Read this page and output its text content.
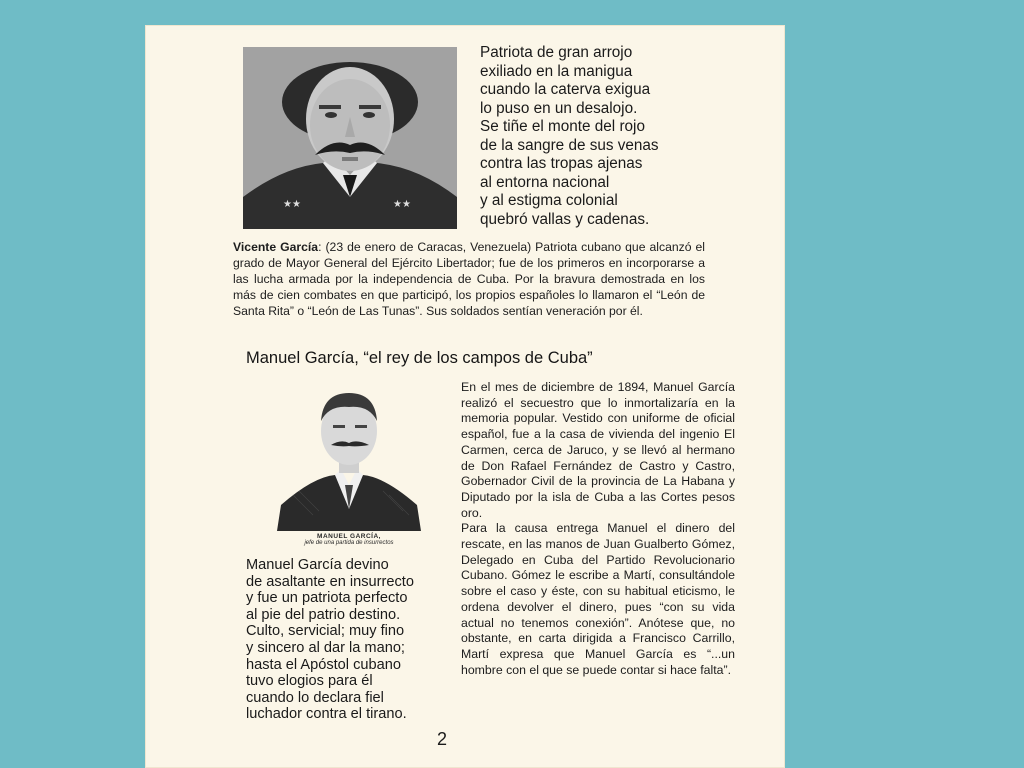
★★	★★
Patriota de gran arrojo
exiliado en la manigua
cuando la caterva exigua
lo puso en un desalojo.
Se tiñe el monte del rojo
de la sangre de sus venas
contra las tropas ajenas
al entorna nacional
y al estigma colonial
quebró vallas y cadenas.
Vicente García: (23 de enero de Caracas, Venezuela) Patriota cubano que alcanzó el grado de Mayor General del Ejército Libertador; fue de los primeros en incorporarse a las lucha armada por la independencia de Cuba. Por la bravura demostrada en los más de cien combates en que participó, los propios españoles lo llamaron el “León de Santa Rita” o “León de Las Tunas”. Sus soldados sentían veneración por él.
Manuel García, “el rey de los campos de Cuba”
MANUEL GARCÍA,
jefe de una partida de insurrectos
Manuel García devino
de asaltante en insurrecto
y fue un patriota perfecto
al pie del patrio destino.
Culto, servicial; muy fino
y sincero al dar la mano;
hasta el Apóstol cubano
tuvo elogios para él
cuando lo declara fiel
luchador contra el tirano.

En el mes de diciembre de 1894, Manuel García realizó el secuestro que lo inmortalizaría en la memoria popular. Vestido con uniforme de oficial español, fue a la casa de vivienda del ingenio El Carmen, cerca de Jaruco, y se llevó al hermano de Don Rafael Fernández de Castro y Castro, Gobernador Civil de la provincia de La Habana y Diputado por la isla de Cuba a las Cortes pesos oro.

Para la causa entrega Manuel el dinero del rescate, en las manos de Juan Gualberto Gómez, Delegado en Cuba del Partido Revolucionario Cubano. Gómez le escribe a Martí, consultándole sobre el caso y éste, con su habitual eticismo, le ordena devolver el dinero, pues “con su vida actual no tenemos conexión”. Anótese que, no obstante, en carta dirigida a Francisco Carrillo, Martí expresa que Manuel García es “...un hombre con el que se puede contar si hace falta”.

2
